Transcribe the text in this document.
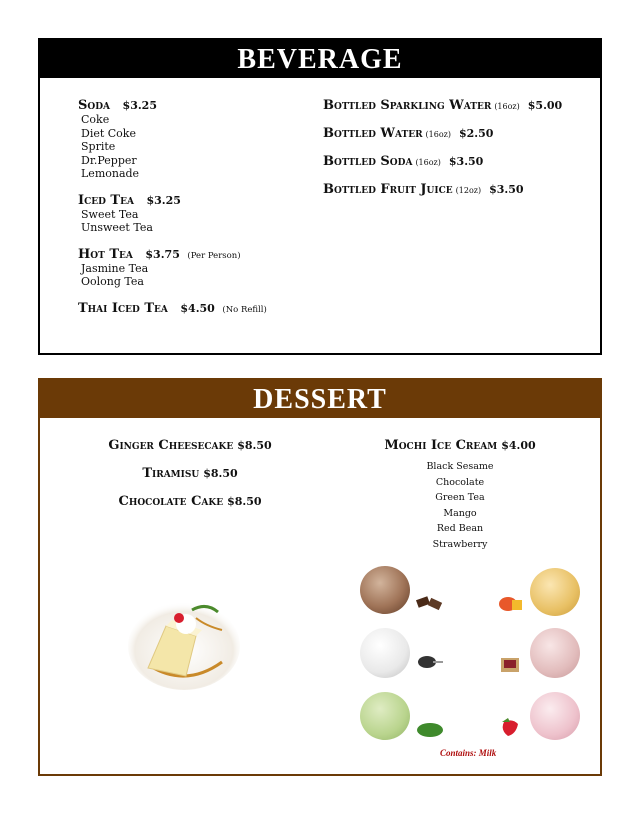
BEVERAGE
Soda $3.25
Coke
Diet Coke
Sprite
Dr.Pepper
Lemonade
Iced Tea $3.25
Sweet Tea
Unsweet Tea
Hot Tea $3.75 (Per Person)
Jasmine Tea
Oolong Tea
Thai Iced Tea $4.50 (No Refill)
Bottled Sparkling Water (16oz) $5.00
Bottled Water (16oz) $2.50
Bottled Soda (16oz) $3.50
Bottled Fruit Juice (12oz) $3.50
DESSERT
Ginger Cheesecake $8.50
Tiramisu $8.50
Chocolate Cake $8.50
Mochi Ice Cream $4.00
Black Sesame
Chocolate
Green Tea
Mango
Red Bean
Strawberry
Contains: Milk
